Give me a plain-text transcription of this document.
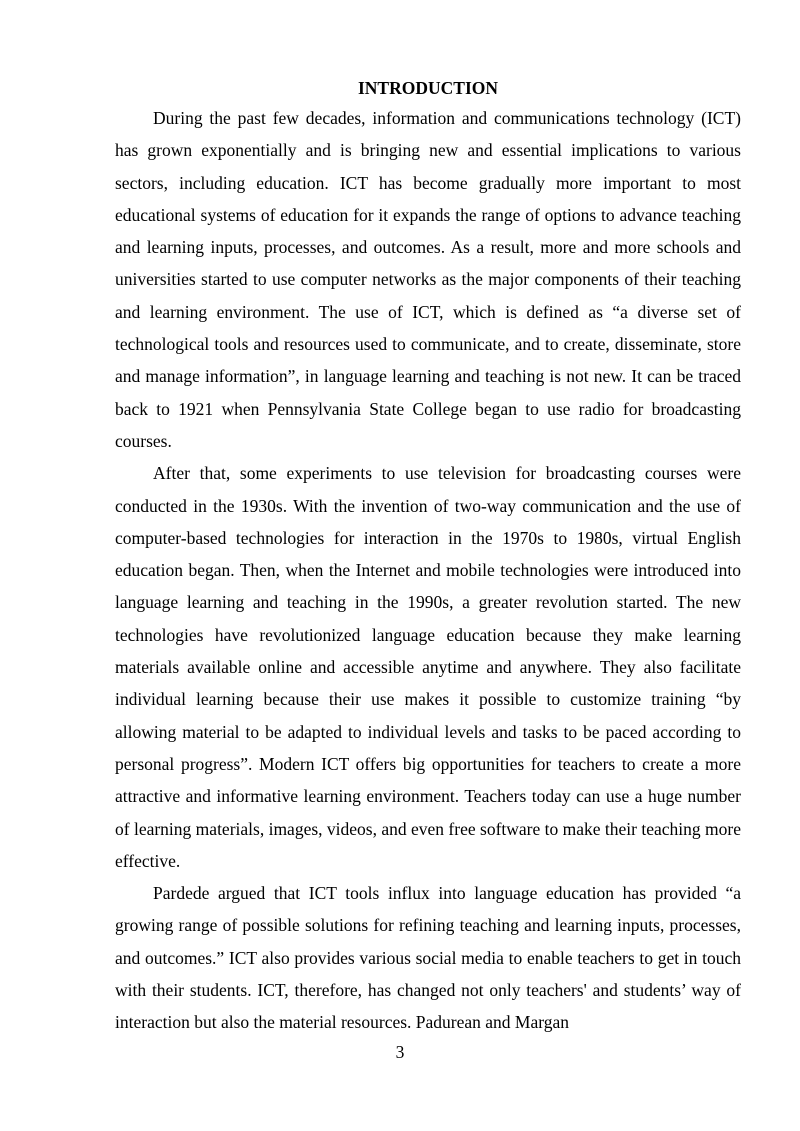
INTRODUCTION

During the past few decades, information and communications technology (ICT) has grown exponentially and is bringing new and essential implications to various sectors, including education. ICT has become gradually more important to most educational systems of education for it expands the range of options to advance teaching and learning inputs, processes, and outcomes. As a result, more and more schools and universities started to use computer networks as the major components of their teaching and learning environment. The use of ICT, which is defined as “a diverse set of technological tools and resources used to communicate, and to create, disseminate, store and manage information”, in language learning and teaching is not new. It can be traced back to 1921 when Pennsylvania State College began to use radio for broadcasting courses.

After that, some experiments to use television for broadcasting courses were conducted in the 1930s. With the invention of two-way communication and the use of computer-based technologies for interaction in the 1970s to 1980s, virtual English education began. Then, when the Internet and mobile technologies were introduced into language learning and teaching in the 1990s, a greater revolution started. The new technologies have revolutionized language education because they make learning materials available online and accessible anytime and anywhere. They also facilitate individual learning because their use makes it possible to customize training “by allowing material to be adapted to individual levels and tasks to be paced according to personal progress”. Modern ICT offers big opportunities for teachers to create a more attractive and informative learning environment. Teachers today can use a huge number of learning materials, images, videos, and even free software to make their teaching more effective.

Pardede argued that ICT tools influx into language education has provided “a growing range of possible solutions for refining teaching and learning inputs, processes, and outcomes.” ICT also provides various social media to enable teachers to get in touch with their students. ICT, therefore, has changed not only teachers' and students’ way of interaction but also the material resources. Padurean and Margan

3
